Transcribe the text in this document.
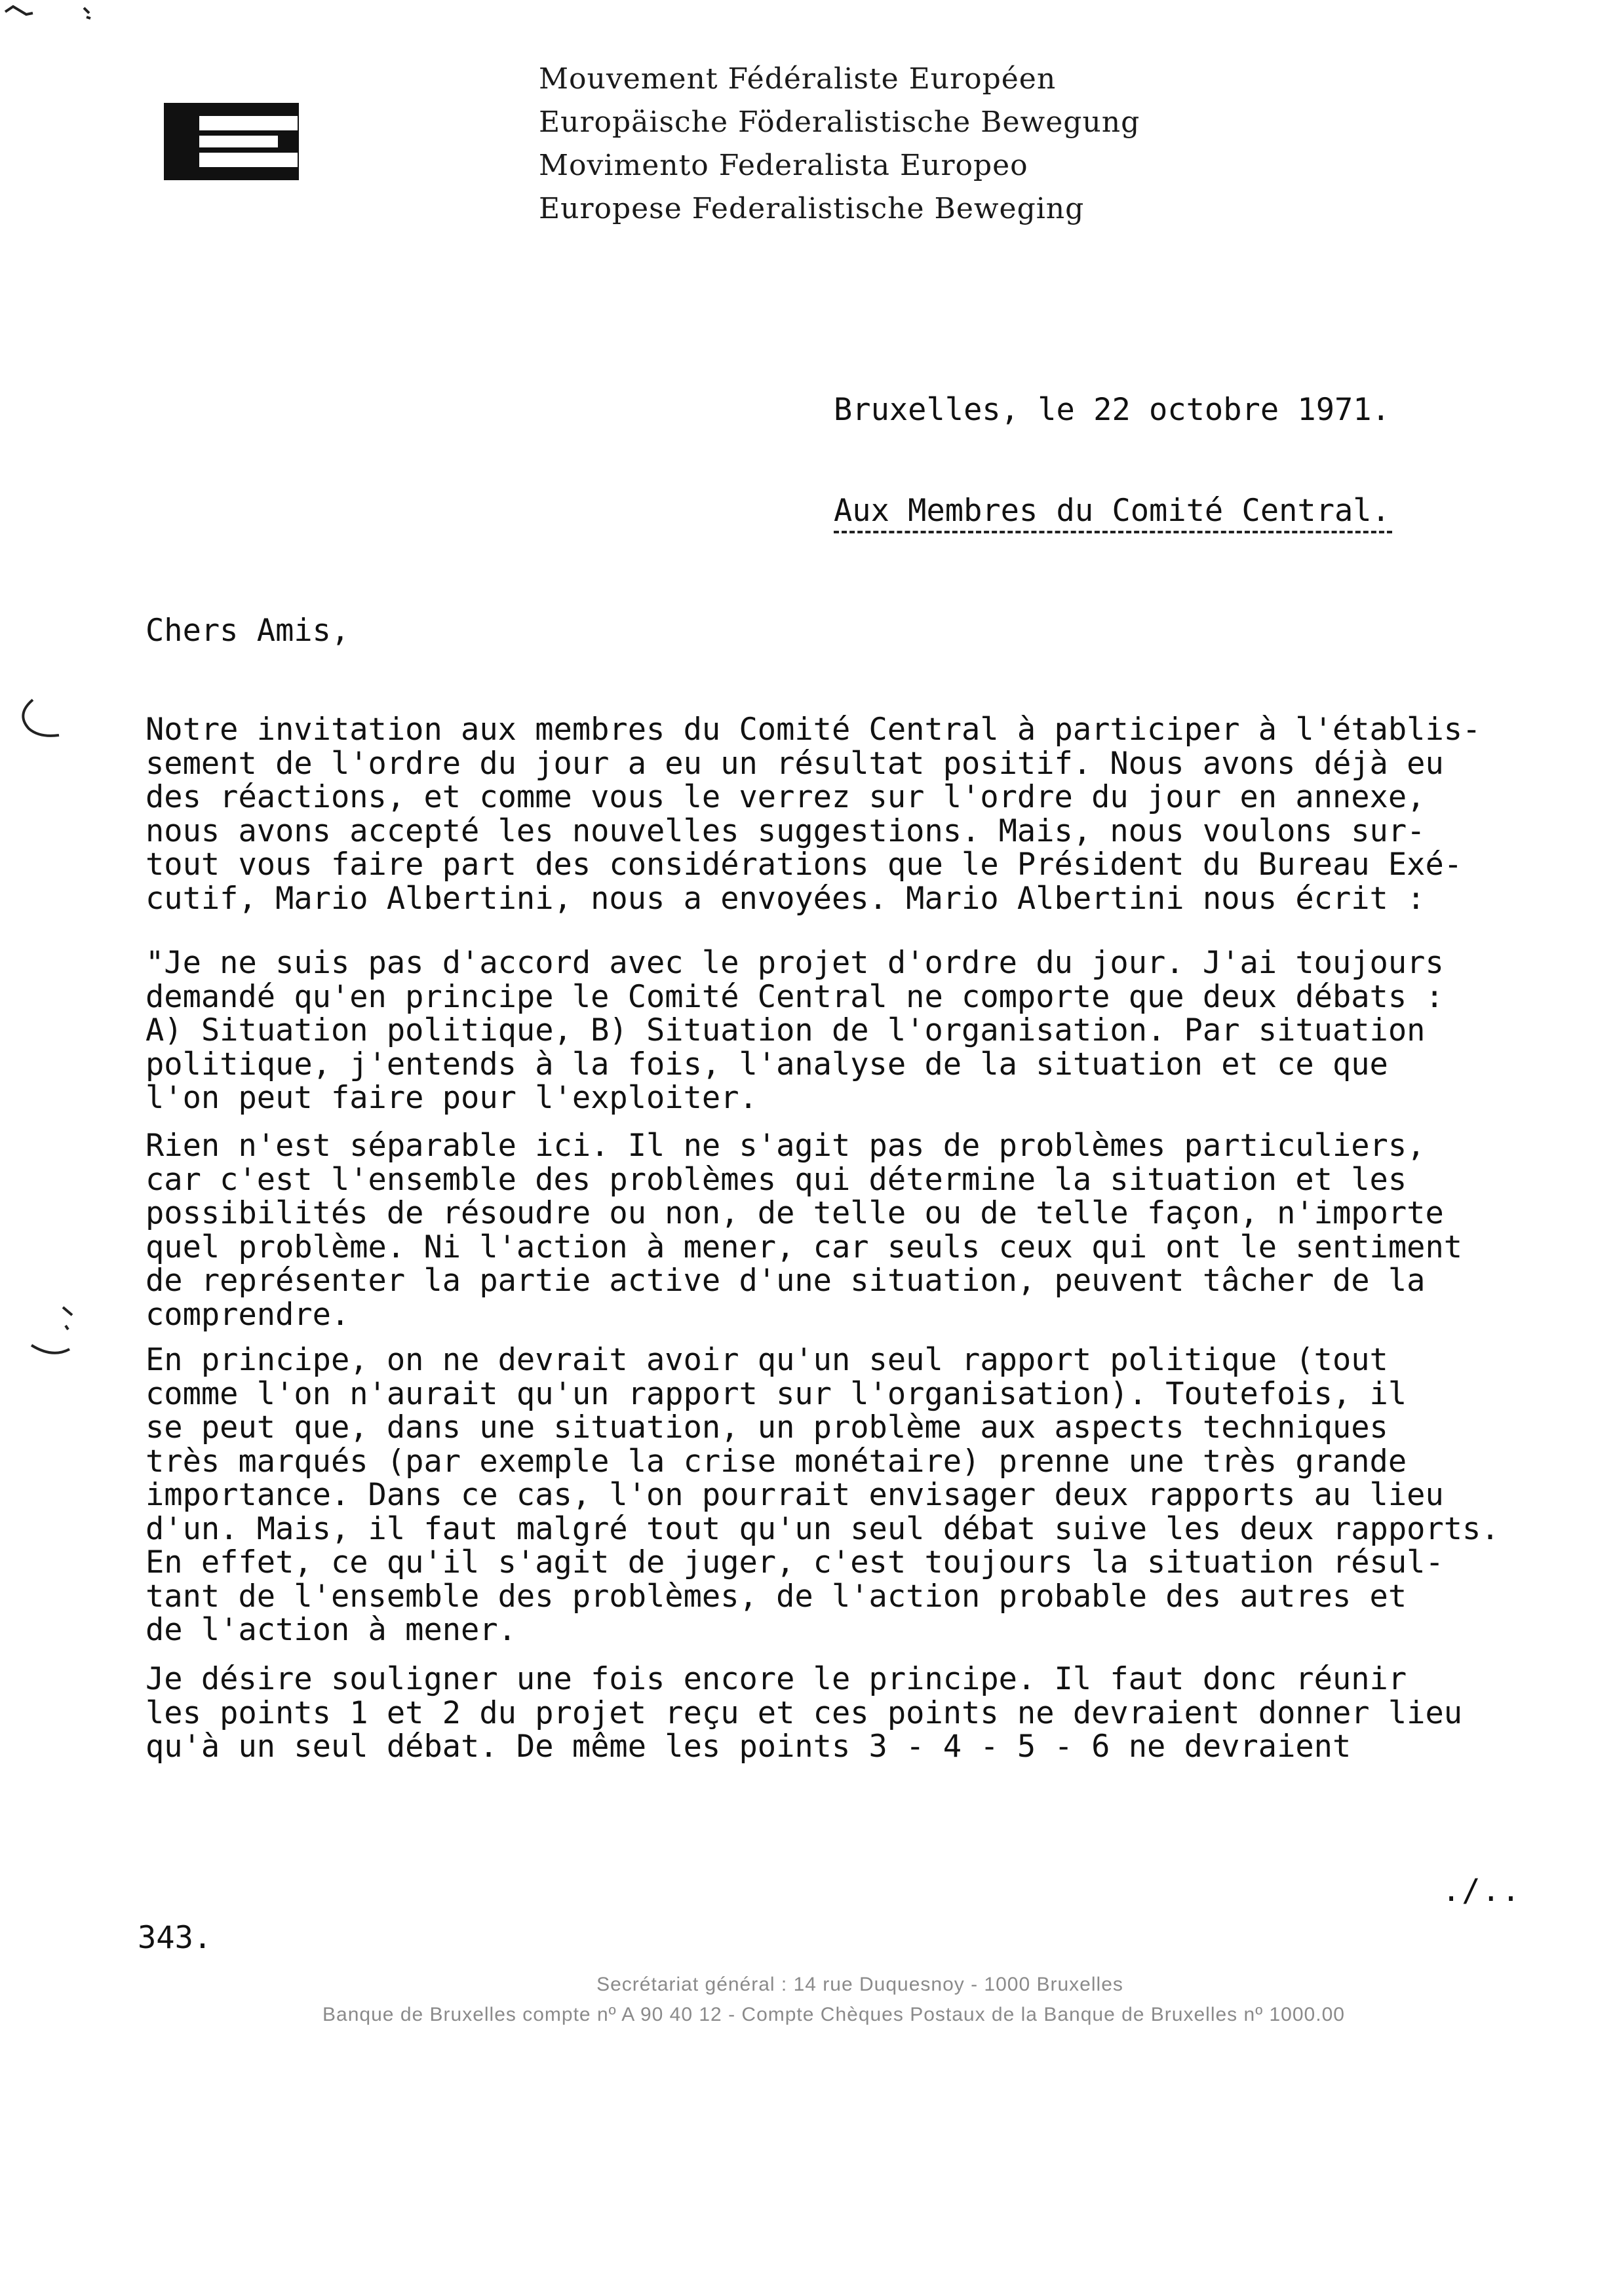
Mouvement Fédéraliste Européen
Europäische Föderalistische Bewegung
Movimento Federalista Europeo
Europese Federalistische Beweging
Bruxelles, le 22 octobre 1971.
Aux Membres du Comité Central.
Chers Amis,
Notre invitation aux membres du Comité Central à participer à l'établis-
sement de l'ordre du jour a eu un résultat positif. Nous avons déjà eu
des réactions, et comme vous le verrez sur l'ordre du jour en annexe,
nous avons accepté les nouvelles suggestions. Mais, nous voulons sur-
tout vous faire part des considérations que le Président du Bureau Exé-
cutif, Mario Albertini, nous a envoyées. Mario Albertini nous écrit :
"Je ne suis pas d'accord avec le projet d'ordre du jour. J'ai toujours
demandé qu'en principe le Comité Central ne comporte que deux débats :
A) Situation politique, B) Situation de l'organisation. Par situation
politique, j'entends à la fois, l'analyse de la situation et ce que
l'on peut faire pour l'exploiter.
Rien n'est séparable ici. Il ne s'agit pas de problèmes particuliers,
car c'est l'ensemble des problèmes qui détermine la situation et les
possibilités de résoudre ou non, de telle ou de telle façon, n'importe
quel problème. Ni l'action à mener, car seuls ceux qui ont le sentiment
de représenter la partie active d'une situation, peuvent tâcher de la
comprendre.
En principe, on ne devrait avoir qu'un seul rapport politique (tout
comme l'on n'aurait qu'un rapport sur l'organisation). Toutefois, il
se peut que, dans une situation, un problème aux aspects techniques
très marqués (par exemple la crise monétaire) prenne une très grande
importance. Dans ce cas, l'on pourrait envisager deux rapports au lieu
d'un. Mais, il faut malgré tout qu'un seul débat suive les deux rapports.
En effet, ce qu'il s'agit de juger, c'est toujours la situation résul-
tant de l'ensemble des problèmes, de l'action probable des autres et
de l'action à mener.
Je désire souligner une fois encore le principe. Il faut donc réunir
les points 1 et 2 du projet reçu et ces points ne devraient donner lieu
qu'à un seul débat. De même les points 3 - 4 - 5 - 6 ne devraient
./..
343.
Secrétariat général : 14 rue Duquesnoy - 1000 Bruxelles
Banque de Bruxelles compte nº A 90 40 12 - Compte Chèques Postaux de la Banque de Bruxelles nº 1000.00
